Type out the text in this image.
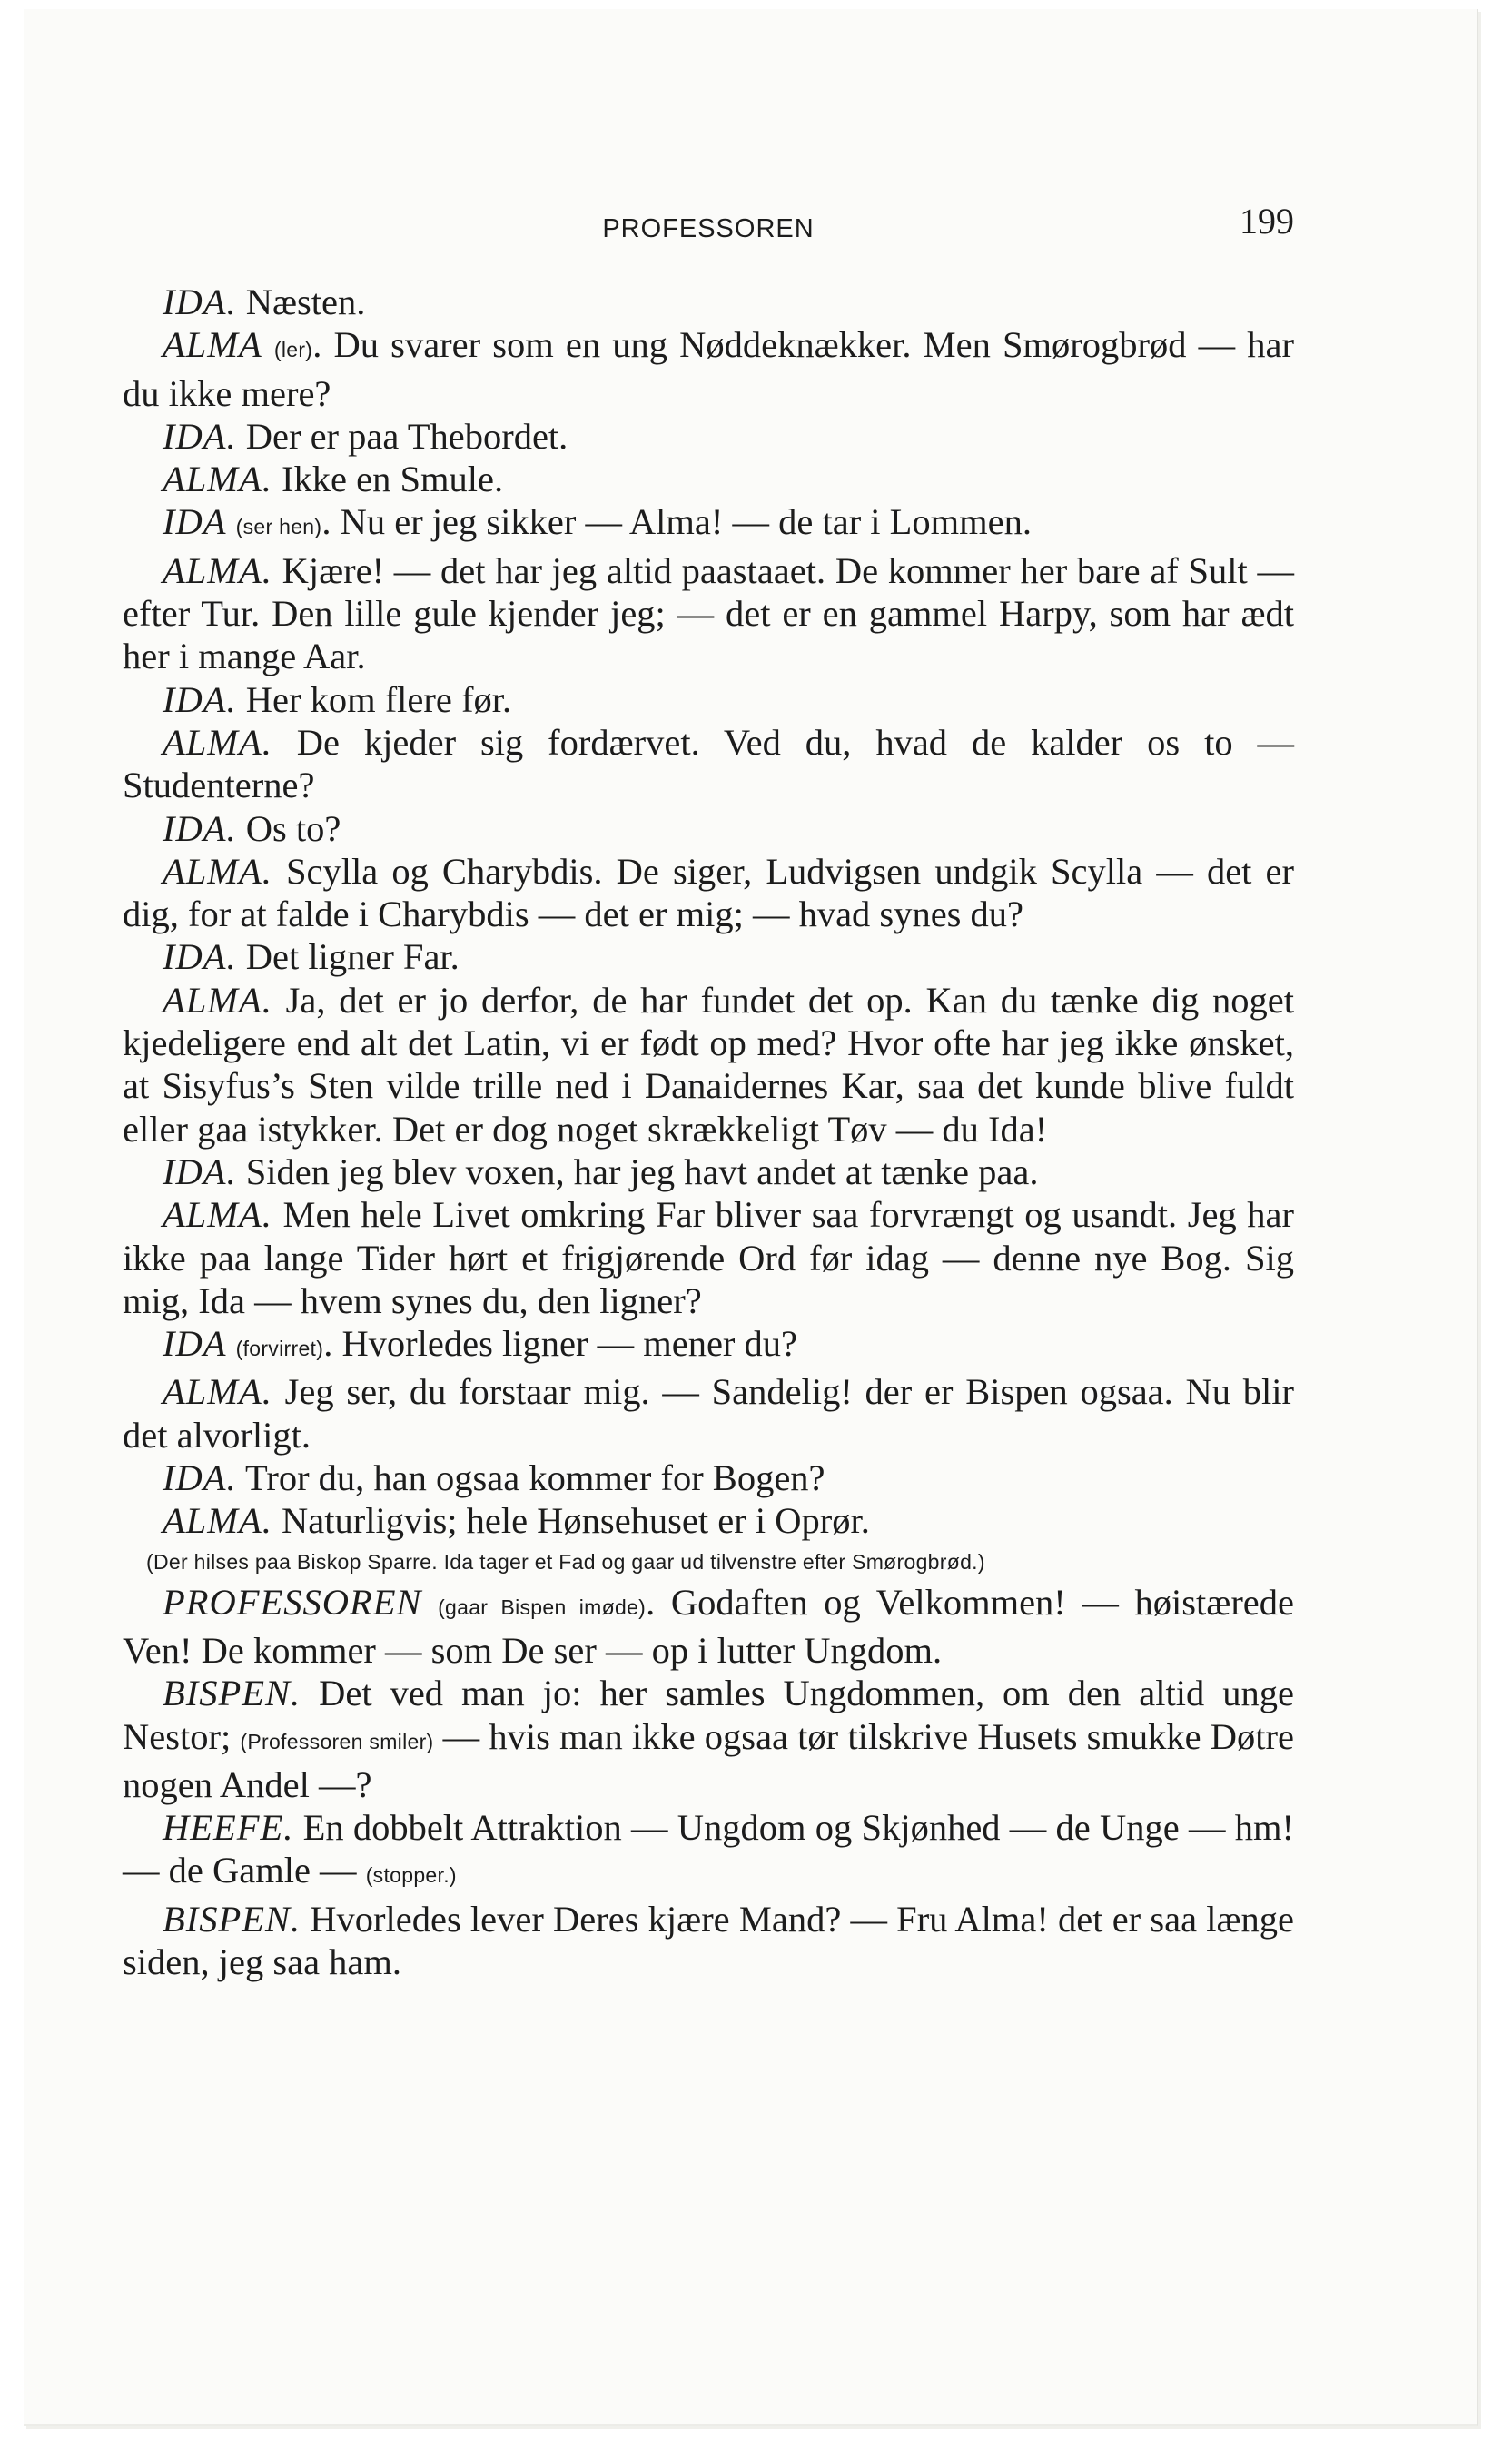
PROFESSOREN	199

IDA. Næsten.

ALMA (ler). Du svarer som en ung Nøddeknækker. Men Smørogbrød — har du ikke mere?

IDA. Der er paa Thebordet.

ALMA. Ikke en Smule.

IDA (ser hen). Nu er jeg sikker — Alma! — de tar i Lommen.

ALMA. Kjære! — det har jeg altid paastaaet. De kommer her bare af Sult — efter Tur. Den lille gule kjender jeg; — det er en gammel Harpy, som har ædt her i mange Aar.

IDA. Her kom flere før.

ALMA. De kjeder sig fordærvet. Ved du, hvad de kalder os to — Studenterne?

IDA. Os to?

ALMA. Scylla og Charybdis. De siger, Ludvigsen undgik Scylla — det er dig, for at falde i Charybdis — det er mig; — hvad synes du?

IDA. Det ligner Far.

ALMA. Ja, det er jo derfor, de har fundet det op. Kan du tænke dig noget kjedeligere end alt det Latin, vi er født op med? Hvor ofte har jeg ikke ønsket, at Sisyfus’s Sten vilde trille ned i Danaidernes Kar, saa det kunde blive fuldt eller gaa istykker. Det er dog noget skrækkeligt Tøv — du Ida!

IDA. Siden jeg blev voxen, har jeg havt andet at tænke paa.

ALMA. Men hele Livet omkring Far bliver saa forvrængt og usandt. Jeg har ikke paa lange Tider hørt et frigjørende Ord før idag — denne nye Bog. Sig mig, Ida — hvem synes du, den ligner?

IDA (forvirret). Hvorledes ligner — mener du?

ALMA. Jeg ser, du forstaar mig. — Sandelig! der er Bispen ogsaa. Nu blir det alvorligt.

IDA. Tror du, han ogsaa kommer for Bogen?

ALMA. Naturligvis; hele Hønsehuset er i Oprør.

(Der hilses paa Biskop Sparre. Ida tager et Fad og gaar ud tilvenstre efter Smørogbrød.)

PROFESSOREN (gaar Bispen imøde). Godaften og Velkommen! — høistærede Ven! De kommer — som De ser — op i lutter Ungdom.

BISPEN. Det ved man jo: her samles Ungdommen, om den altid unge Nestor; (Professoren smiler) — hvis man ikke ogsaa tør tilskrive Husets smukke Døtre nogen Andel —?

HEEFE. En dobbelt Attraktion — Ungdom og Skjønhed — de Unge — hm! — de Gamle — (stopper.)

BISPEN. Hvorledes lever Deres kjære Mand? — Fru Alma! det er saa længe siden, jeg saa ham.
